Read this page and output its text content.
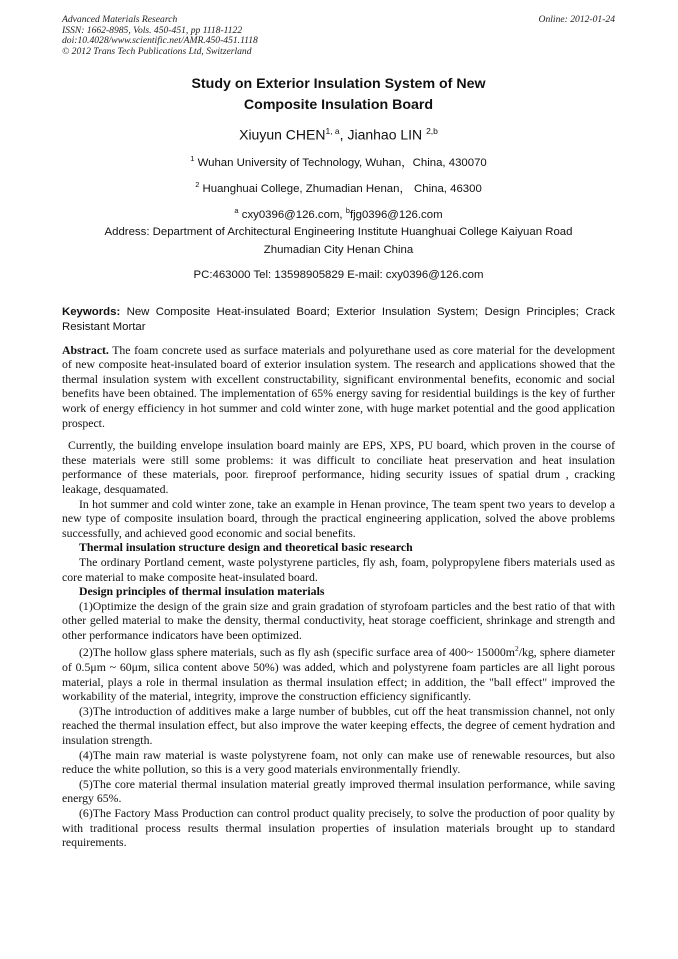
Advanced Materials Research
ISSN: 1662-8985, Vols. 450-451, pp 1118-1122
doi:10.4028/www.scientific.net/AMR.450-451.1118
© 2012 Trans Tech Publications Ltd, Switzerland
Online: 2012-01-24
Study on Exterior Insulation System of New
Composite Insulation Board
Xiuyun CHEN$^{1, a}$, Jianhao LIN $^{2,b}$
$^1$ Wuhan University of Technology, Wuhan，China, 430070
$^2$ Huanghuai College, Zhumadian Henan， China, 46300
$^a$ cxy0396@126.com, $^b$fjg0396@126.com
Address: Department of Architectural Engineering Institute Huanghuai College Kaiyuan Road
Zhumadian City Henan China
PC:463000 Tel: 13598905829 E-mail: cxy0396@126.com
Keywords: New Composite Heat-insulated Board; Exterior Insulation System; Design Principles; Crack Resistant Mortar
Abstract. The foam concrete used as surface materials and polyurethane used as core material for the development of new composite heat-insulated board of exterior insulation system. The research and applications showed that the thermal insulation system with excellent constructability, significant environmental benefits, economic and social benefits have been obtained. The implementation of 65% energy saving for residential buildings is the key of further work of energy efficiency in hot summer and cold winter zone, with huge market potential and the good application prospect.

Currently, the building envelope insulation board mainly are EPS, XPS, PU board, which proven in the course of these materials were still some problems: it was difficult to conciliate heat preservation and heat insulation performance of these materials, poor. fireproof performance, hiding security issues of spatial drum , cracking leakage, desquamated.

In hot summer and cold winter zone, take an example in Henan province, The team spent two years to develop a new type of composite insulation board, through the practical engineering application, solved the above problems successfully, and achieved good economic and social benefits.

Thermal insulation structure design and theoretical basic research

The ordinary Portland cement, waste polystyrene particles, fly ash, foam, polypropylene fibers materials used as core material to make composite heat-insulated board.

Design principles of thermal insulation materials

(1)Optimize the design of the grain size and grain gradation of styrofoam particles and the best ratio of that with other gelled material to make the density, thermal conductivity, heat storage coefficient, shrinkage and strength and other performance indicators have been optimized.

(2)The hollow glass sphere materials, such as fly ash (specific surface area of 400~ $15000m^2/kg$, sphere diameter of 0.5μm ~ 60μm, silica content above 50%) was added, which and polystyrene foam particles are all light porous material, plays a role in thermal insulation as thermal insulation effect; in addition, the "ball effect" improved the workability of the material, integrity, improve the construction efficiency significantly.

(3)The introduction of additives make a large number of bubbles, cut off the heat transmission channel, not only reached the thermal insulation effect, but also improve the water keeping effects, the degree of cement hydration and insulation strength.

(4)The main raw material is waste polystyrene foam, not only can make use of renewable resources, but also reduce the white pollution, so this is a very good materials environmentally friendly.

(5)The core material thermal insulation material greatly improved thermal insulation performance, while saving energy 65%.

(6)The Factory Mass Production can control product quality precisely, to solve the production of poor quality by with traditional process results thermal insulation properties of insulation materials brought up to standard requirements.
